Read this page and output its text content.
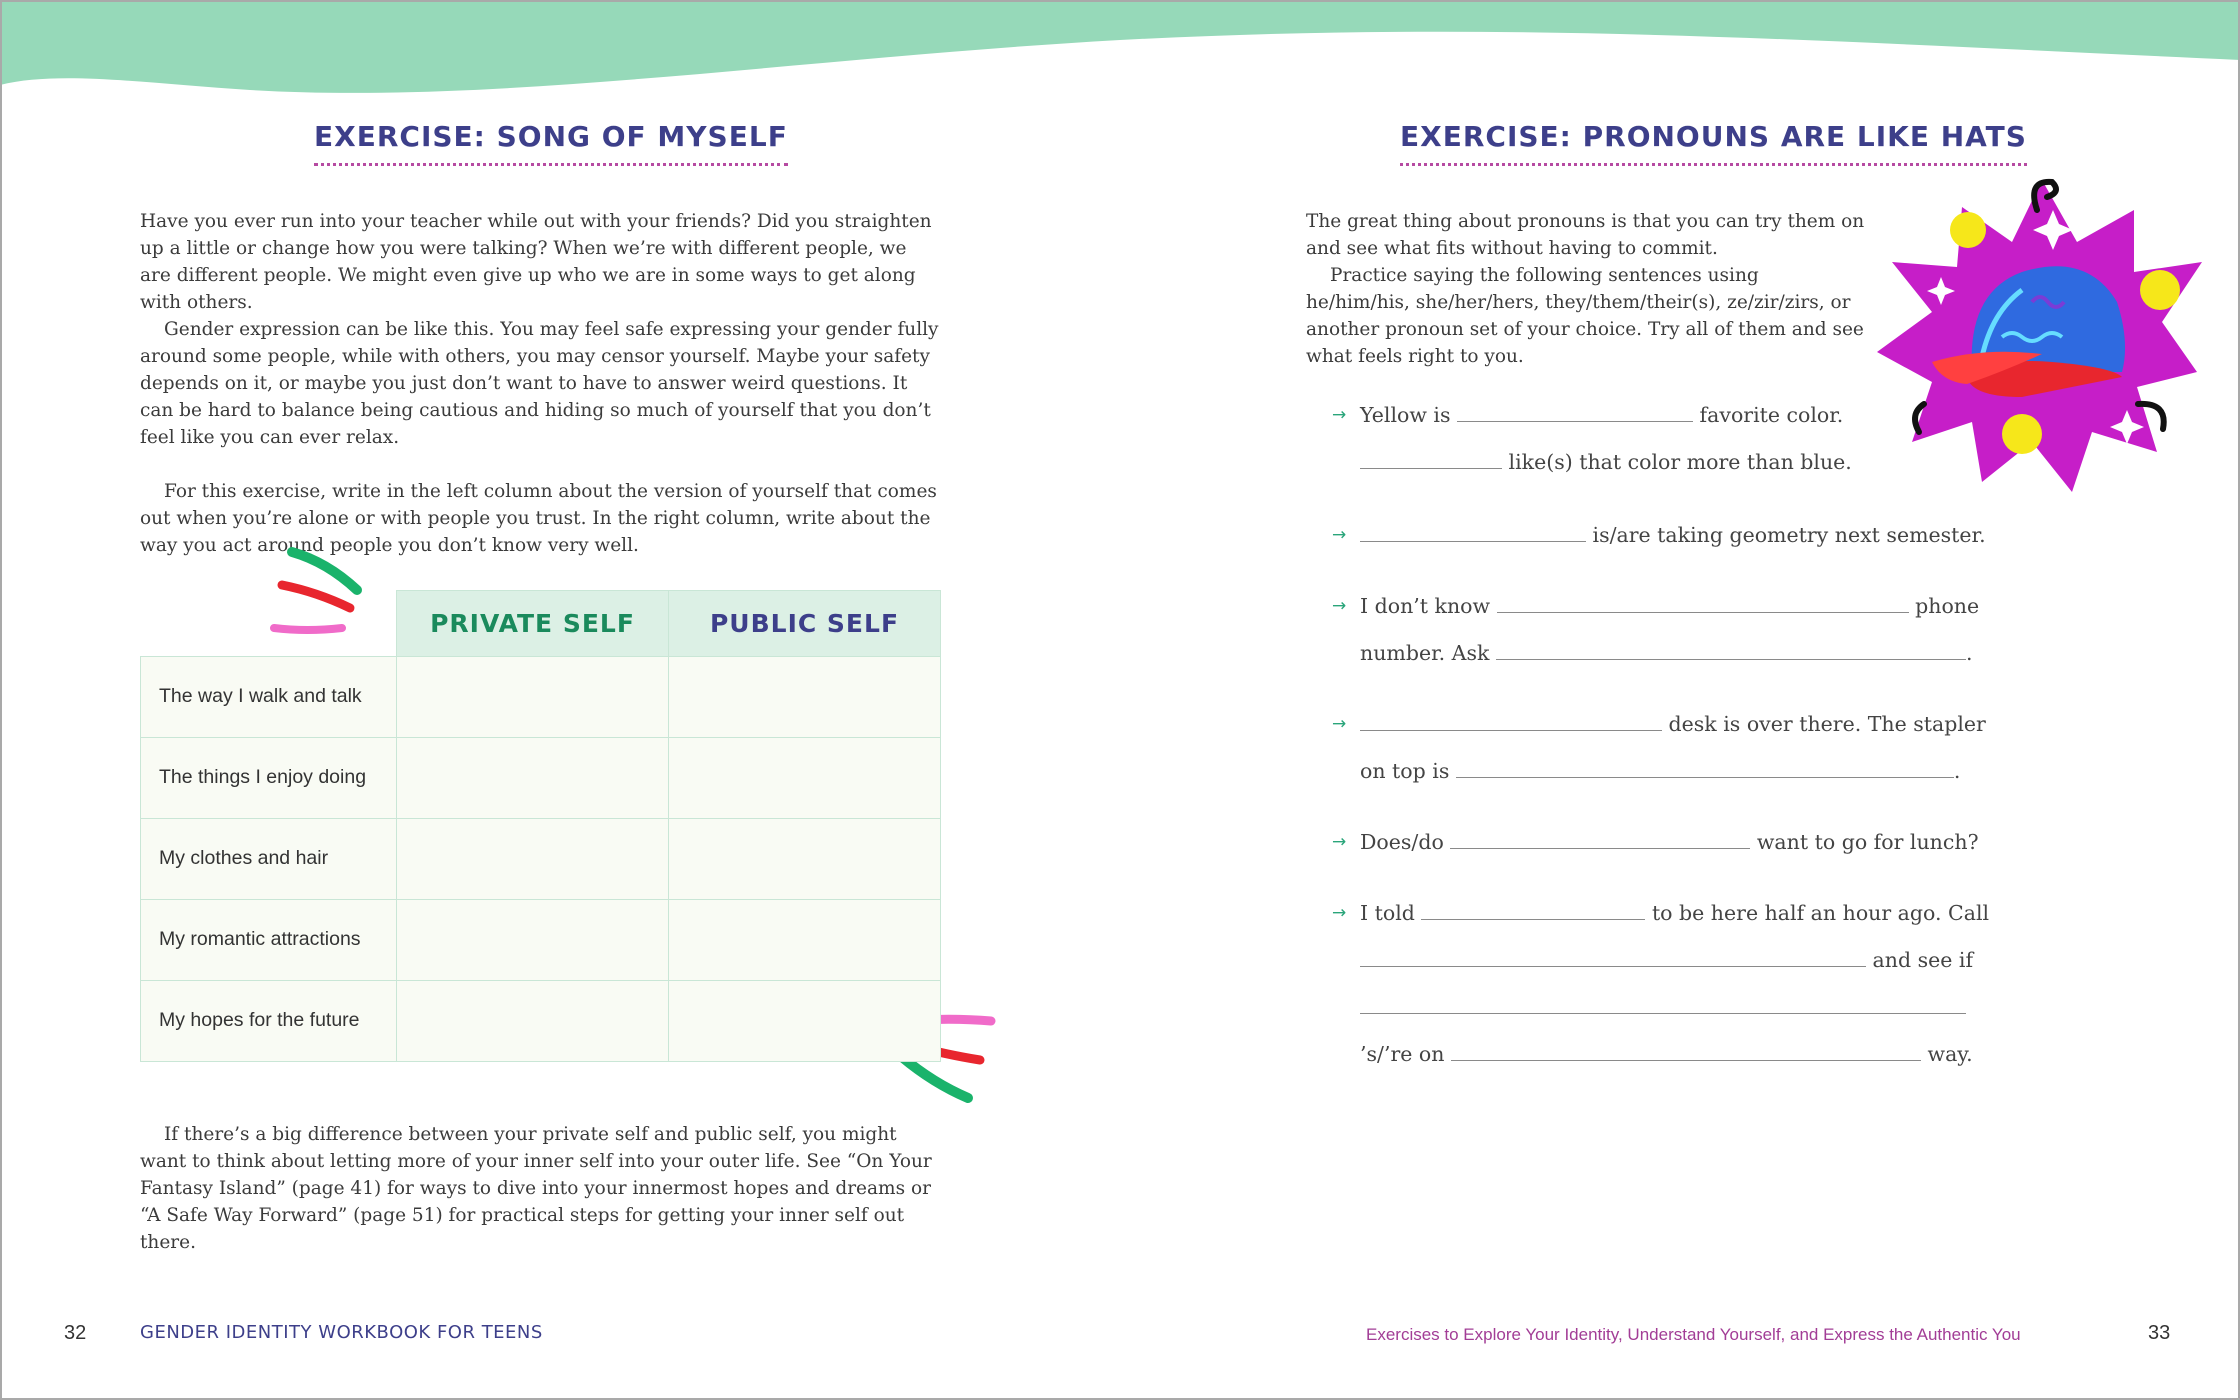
EXERCISE: SONG OF MYSELF

Have you ever run into your teacher while out with your friends? Did you straighten up a little or change how you were talking? When we’re with different people, we are different people. We might even give up who we are in some ways to get along with others.

Gender expression can be like this. You may feel safe expressing your gender fully around some people, while with others, you may censor yourself. Maybe your safety depends on it, or maybe you just don’t want to have to answer weird questions. It can be hard to balance being cautious and hiding so much of yourself that you don’t feel like you can ever relax.

For this exercise, write in the left column about the version of yourself that comes out when you’re alone or with people you trust. In the right column, write about the way you act around people you don’t know very well.

PRIVATE SELF	PUBLIC SELF
The way I walk and talk		
The things I enjoy doing		
My clothes and hair		
My romantic attractions		
My hopes for the future		

If there’s a big difference between your private self and public self, you might want to think about letting more of your inner self into your outer life. See “On Your Fantasy Island” (page 41) for ways to dive into your innermost hopes and dreams or “A Safe Way Forward” (page 51) for practical steps for getting your inner self out there.

32	GENDER IDENTITY WORKBOOK FOR TEENS
EXERCISE: PRONOUNS ARE LIKE HATS

The great thing about pronouns is that you can try them on and see what fits without having to commit.

Practice saying the following sentences using he/him/his, she/her/hers, they/them/their(s), ze/zir/zirs, or another pronoun set of your choice. Try all of them and see what feels right to you.

→ Yellow is	favorite color.
like(s) that color more than blue.
→	is/are taking geometry next semester.
→ I don’t know	phone
number. Ask	.
→	desk is over there. The stapler
on top is	.
→ Does/do	want to go for lunch?
→ I told	to be here half an hour ago. Call
and see if
’s/’re on	way.
Exercises to Explore Your Identity, Understand Yourself, and Express the Authentic You	33
